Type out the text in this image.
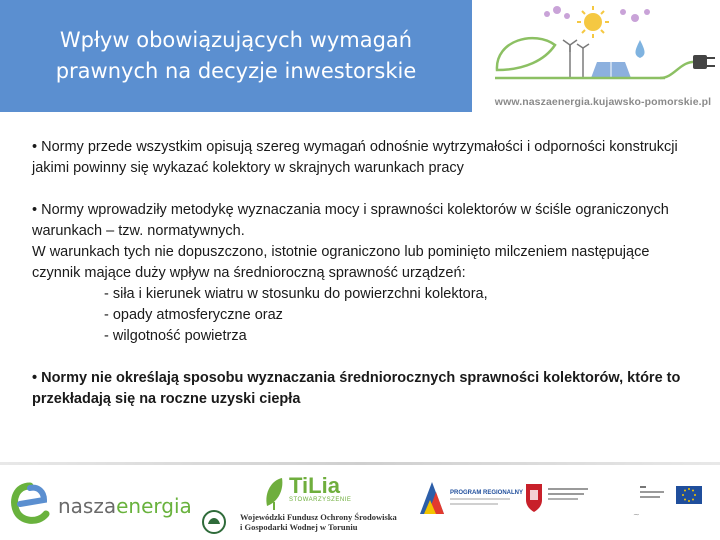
Wpływ obowiązujących wymagań
prawnych na decyzje inwestorskie
www.naszaenergia.kujawsko-pomorskie.pl

• Normy przede wszystkim opisują szereg wymagań odnośnie wytrzymałości i odporności konstrukcji jakimi powinny się wykazać kolektory w skrajnych warunkach pracy

• Normy wprowadziły metodykę wyznaczania mocy i sprawności kolektorów w ściśle ograniczonych warunkach – tzw. normatywnych.

W warunkach tych nie dopuszczono, istotnie ograniczono lub pominięto milczeniem następujące czynnik mające duży wpływ na średnioroczną sprawność urządzeń:

- siła i kierunek wiatru w stosunku do powierzchni kolektora,
- opady atmosferyczne oraz
- wilgotność powietrza

• Normy nie określają sposobu wyznaczania średniorocznych sprawności kolektorów, które to przekładają się na roczne uzyski ciepła

naszaenergia
TiLia
STOWARZYSZENIE
Wojewódzki Fundusz Ochrony Środowiska
i Gospodarki Wodnej w Toruniu
PROGRAM REGIONALNY
~
